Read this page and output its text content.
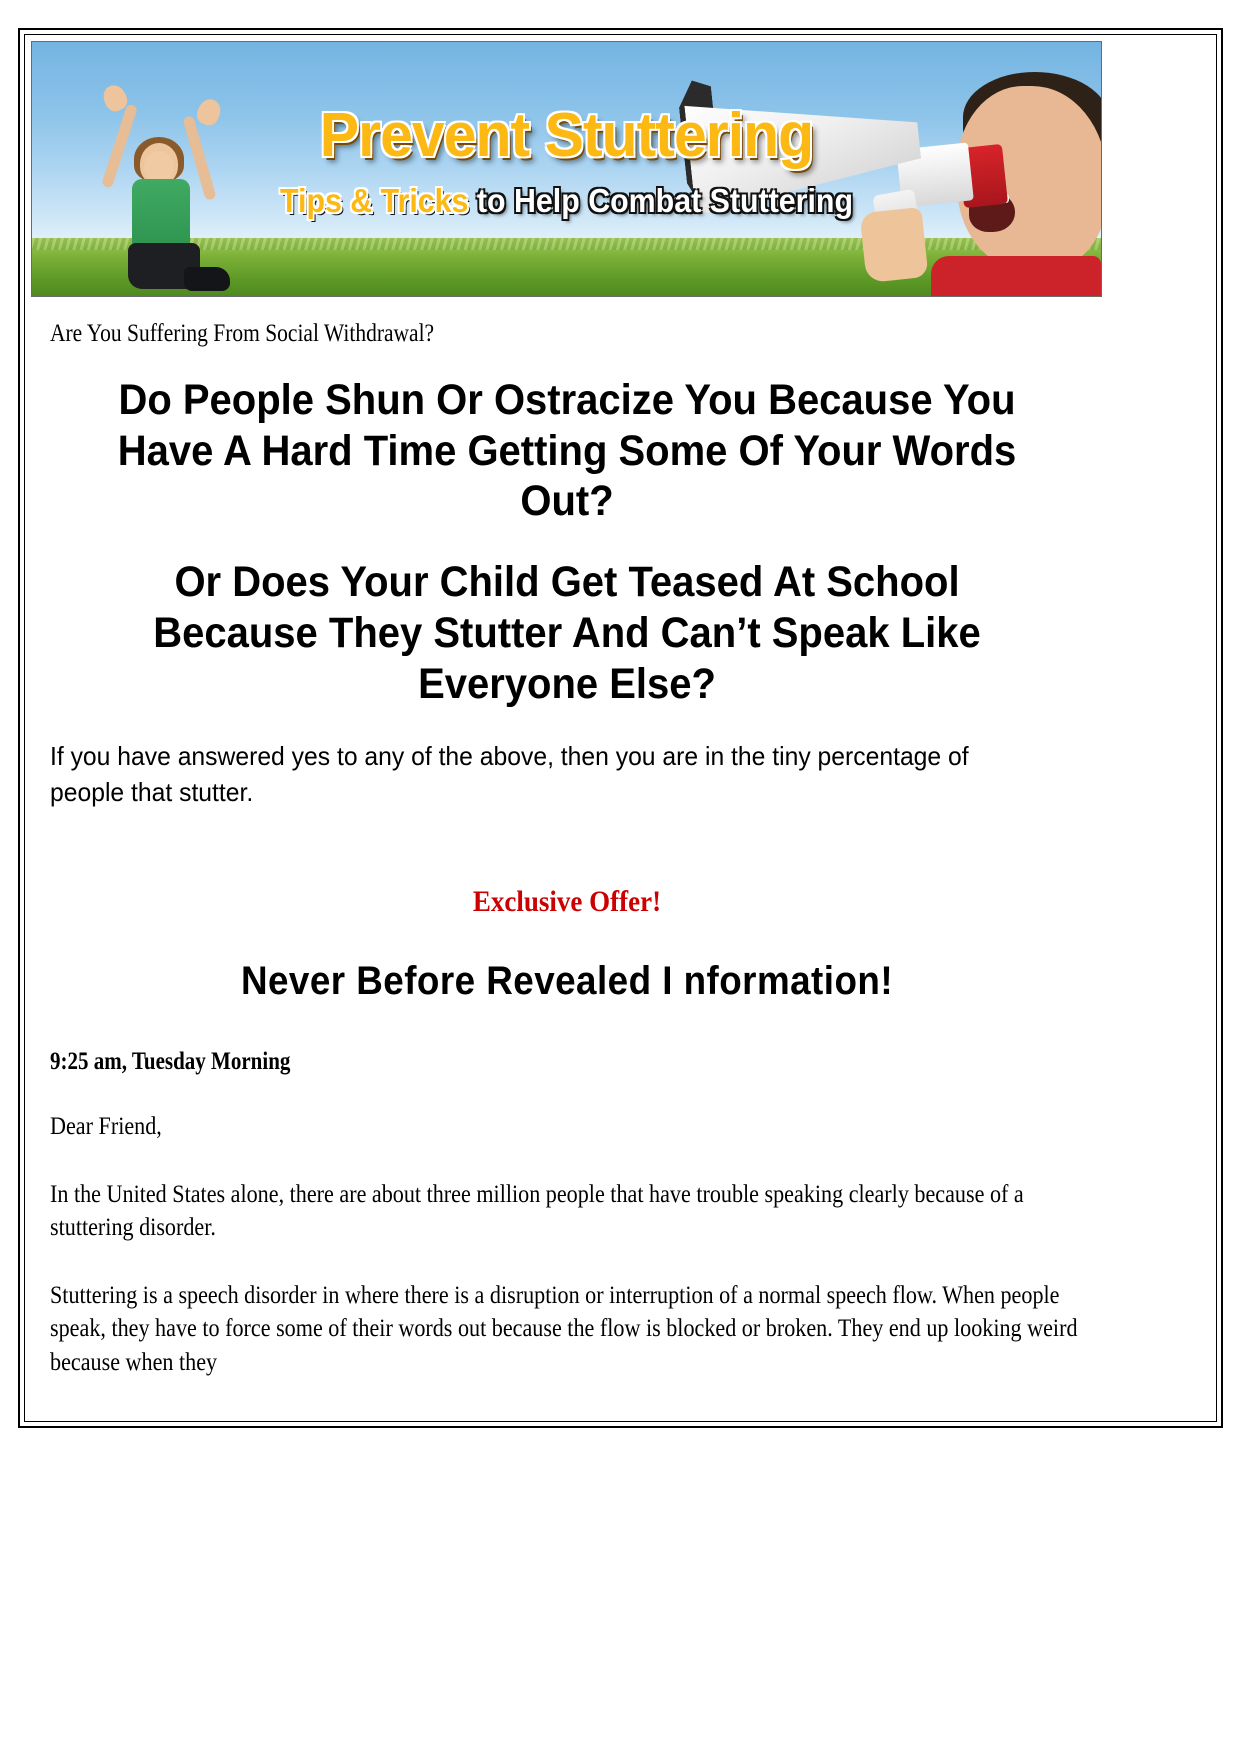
Prevent Stuttering
Tips & Tricks to Help Combat Stuttering

Are You Suffering From Social Withdrawal?

Do People Shun Or Ostracize You Because You Have A Hard Time Getting Some Of Your Words Out?
Or Does Your Child Get Teased At School Because They Stutter And Can’t Speak Like Everyone Else?

If you have answered yes to any of the above, then you are in the tiny percentage of people that stutter.

Exclusive Offer!

Never Before Revealed I nformation!

9:25 am, Tuesday Morning

Dear Friend,

In the United States alone, there are about three million people that have trouble speaking clearly because of a stuttering disorder.

Stuttering is a speech disorder in where there is a disruption or interruption of a normal speech flow. When people speak, they have to force some of their words out because the flow is blocked or broken. They end up looking weird because when they
